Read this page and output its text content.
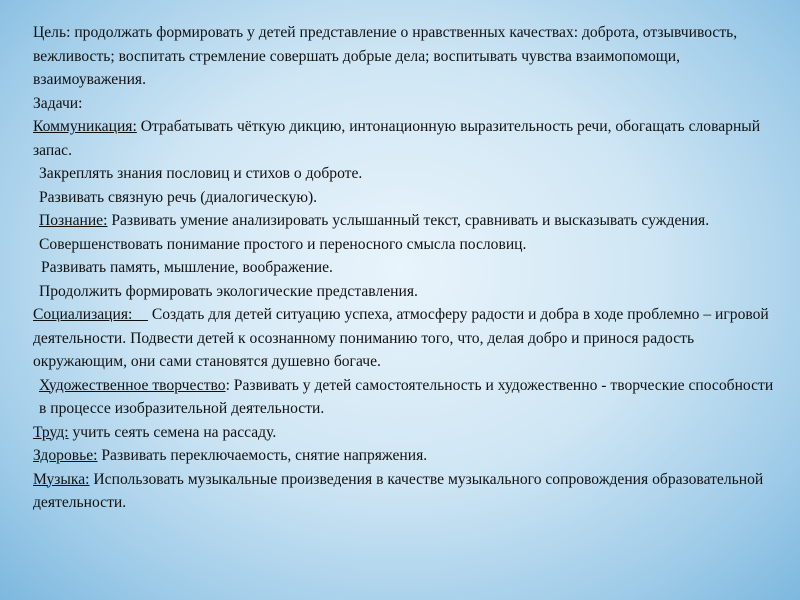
Цель: продолжать формировать у детей представление о нравственных качествах: доброта, отзывчивость, вежливость; воспитать стремление совершать добрые дела; воспитывать чувства взаимопомощи, взаимоуважения.

Задачи:

Коммуникация: Отрабатывать чёткую дикцию, интонационную выразительность речи, обогащать словарный запас.

Закреплять знания пословиц и стихов о доброте.

Развивать связную речь (диалогическую).

Познание: Развивать умение анализировать услышанный текст, сравнивать и высказывать суждения.

Совершенствовать понимание простого и переносного смысла пословиц.

Развивать память, мышление, воображение.

Продолжить формировать экологические представления.

Социализация:     Создать для детей ситуацию успеха, атмосферу радости и добра в ходе проблемно – игровой деятельности. Подвести детей к осознанному пониманию того, что, делая добро и принося радость окружающим, они сами становятся душевно богаче.

Художественное творчество: Развивать у детей самостоятельность и художественно - творческие способности в процессе изобразительной деятельности.

Труд: учить сеять семена на рассаду.

Здоровье: Развивать переключаемость, снятие напряжения.

Музыка: Использовать музыкальные произведения в качестве музыкального сопровождения образовательной деятельности.
